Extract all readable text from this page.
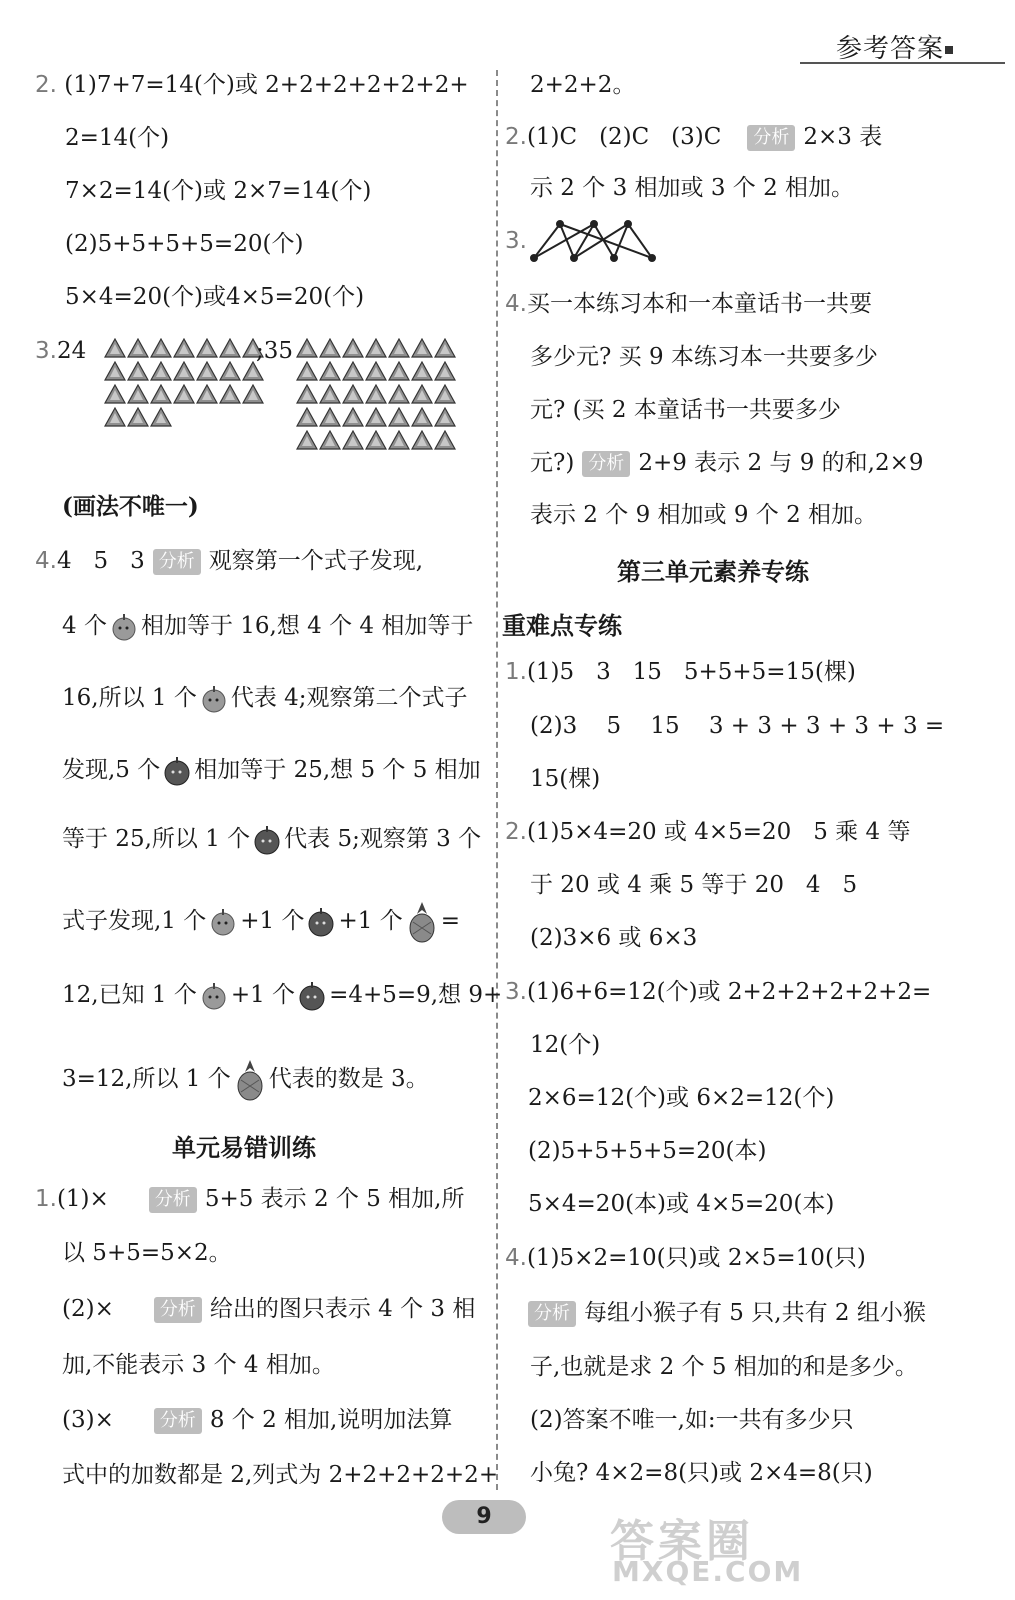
参考答案
2. (1)7+7=14(个)或 2+2+2+2+2+2+
2=14(个)
7×2=14(个)或 2×7=14(个)
(2)5+5+5+5=20(个)
5×4=20(个)或4×5=20(个)
3.24	;35
(画法不唯一)
4.4   5   3 分析 观察第一个式子发现,
4 个 相加等于 16,想 4 个 4 相加等于
16,所以 1 个 代表 4;观察第二个式子
发现,5 个 相加等于 25,想 5 个 5 相加
等于 25,所以 1 个 代表 5;观察第 3 个
式子发现,1 个 +1 个 +1 个 =
12,已知 1 个 +1 个 =4+5=9,想 9+
3=12,所以 1 个 代表的数是 3。
单元易错训练
1.(1)×	分析 5+5 表示 2 个 5 相加,所
以 5+5=5×2。
(2)×	分析 给出的图只表示 4 个 3 相
加,不能表示 3 个 4 相加。
(3)×	分析 8 个 2 相加,说明加法算
式中的加数都是 2,列式为 2+2+2+2+2+
2+2+2。
2.(1)C   (2)C   (3)C 分析 2×3 表
示 2 个 3 相加或 3 个 2 相加。
3.
4.买一本练习本和一本童话书一共要
多少元? 买 9 本练习本一共要多少
元? (买 2 本童话书一共要多少
元?) 分析 2+9 表示 2 与 9 的和,2×9
表示 2 个 9 相加或 9 个 2 相加。
第三单元素养专练
重难点专练
1.(1)5   3   15   5+5+5=15(棵)
(2)3    5    15    3 + 3 + 3 + 3 + 3 =
15(棵)
2.(1)5×4=20 或 4×5=20   5 乘 4 等
于 20 或 4 乘 5 等于 20   4   5
(2)3×6 或 6×3
3.(1)6+6=12(个)或 2+2+2+2+2+2=
12(个)
2×6=12(个)或 6×2=12(个)
(2)5+5+5+5=20(本)
5×4=20(本)或 4×5=20(本)
4.(1)5×2=10(只)或 2×5=10(只)
分析 每组小猴子有 5 只,共有 2 组小猴
子,也就是求 2 个 5 相加的和是多少。
(2)答案不唯一,如:一共有多少只
小兔? 4×2=8(只)或 2×4=8(只)
9	答案圈
MXQE.COM
